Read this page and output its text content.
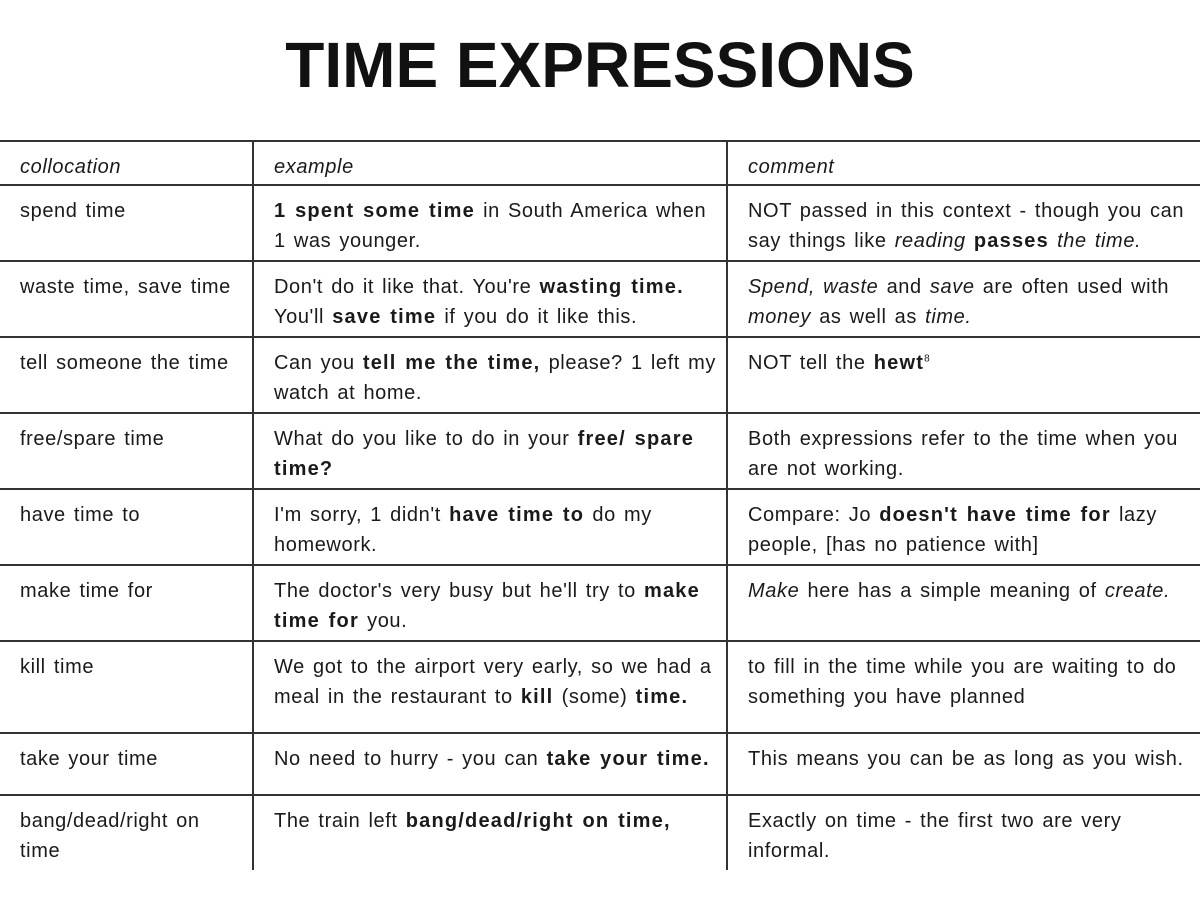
TIME EXPRESSIONS
collocation	example	comment
spend time	1 spent some time in South America when 1 was younger.	NOT passed in this context - though you can say things like reading passes the time.
waste time, save time	Don't do it like that. You're wasting time. You'll save time if you do it like this.	Spend, waste and save are often used with money as well as time.
tell someone the time	Can you tell me the time, please? 1 left my watch at home.	NOT tell the hewt$^8$
free/spare time	What do you like to do in your free/ spare time?	Both expressions refer to the time when you are not working.
have time to	I'm sorry, 1 didn't have time to do my homework.	Compare: Jo doesn't have time for lazy people, [has no patience with]
make time for	The doctor's very busy but he'll try to make time for you.	Make here has a simple meaning of create.
kill time	We got to the airport very early, so we had a meal in the restaurant to kill (some) time.	to fill in the time while you are waiting to do something you have planned
take your time	No need to hurry - you can take your time.	This means you can be as long as you wish.
bang/dead/right on time	The train left bang/dead/right on time,	Exactly on time - the first two are very informal.
